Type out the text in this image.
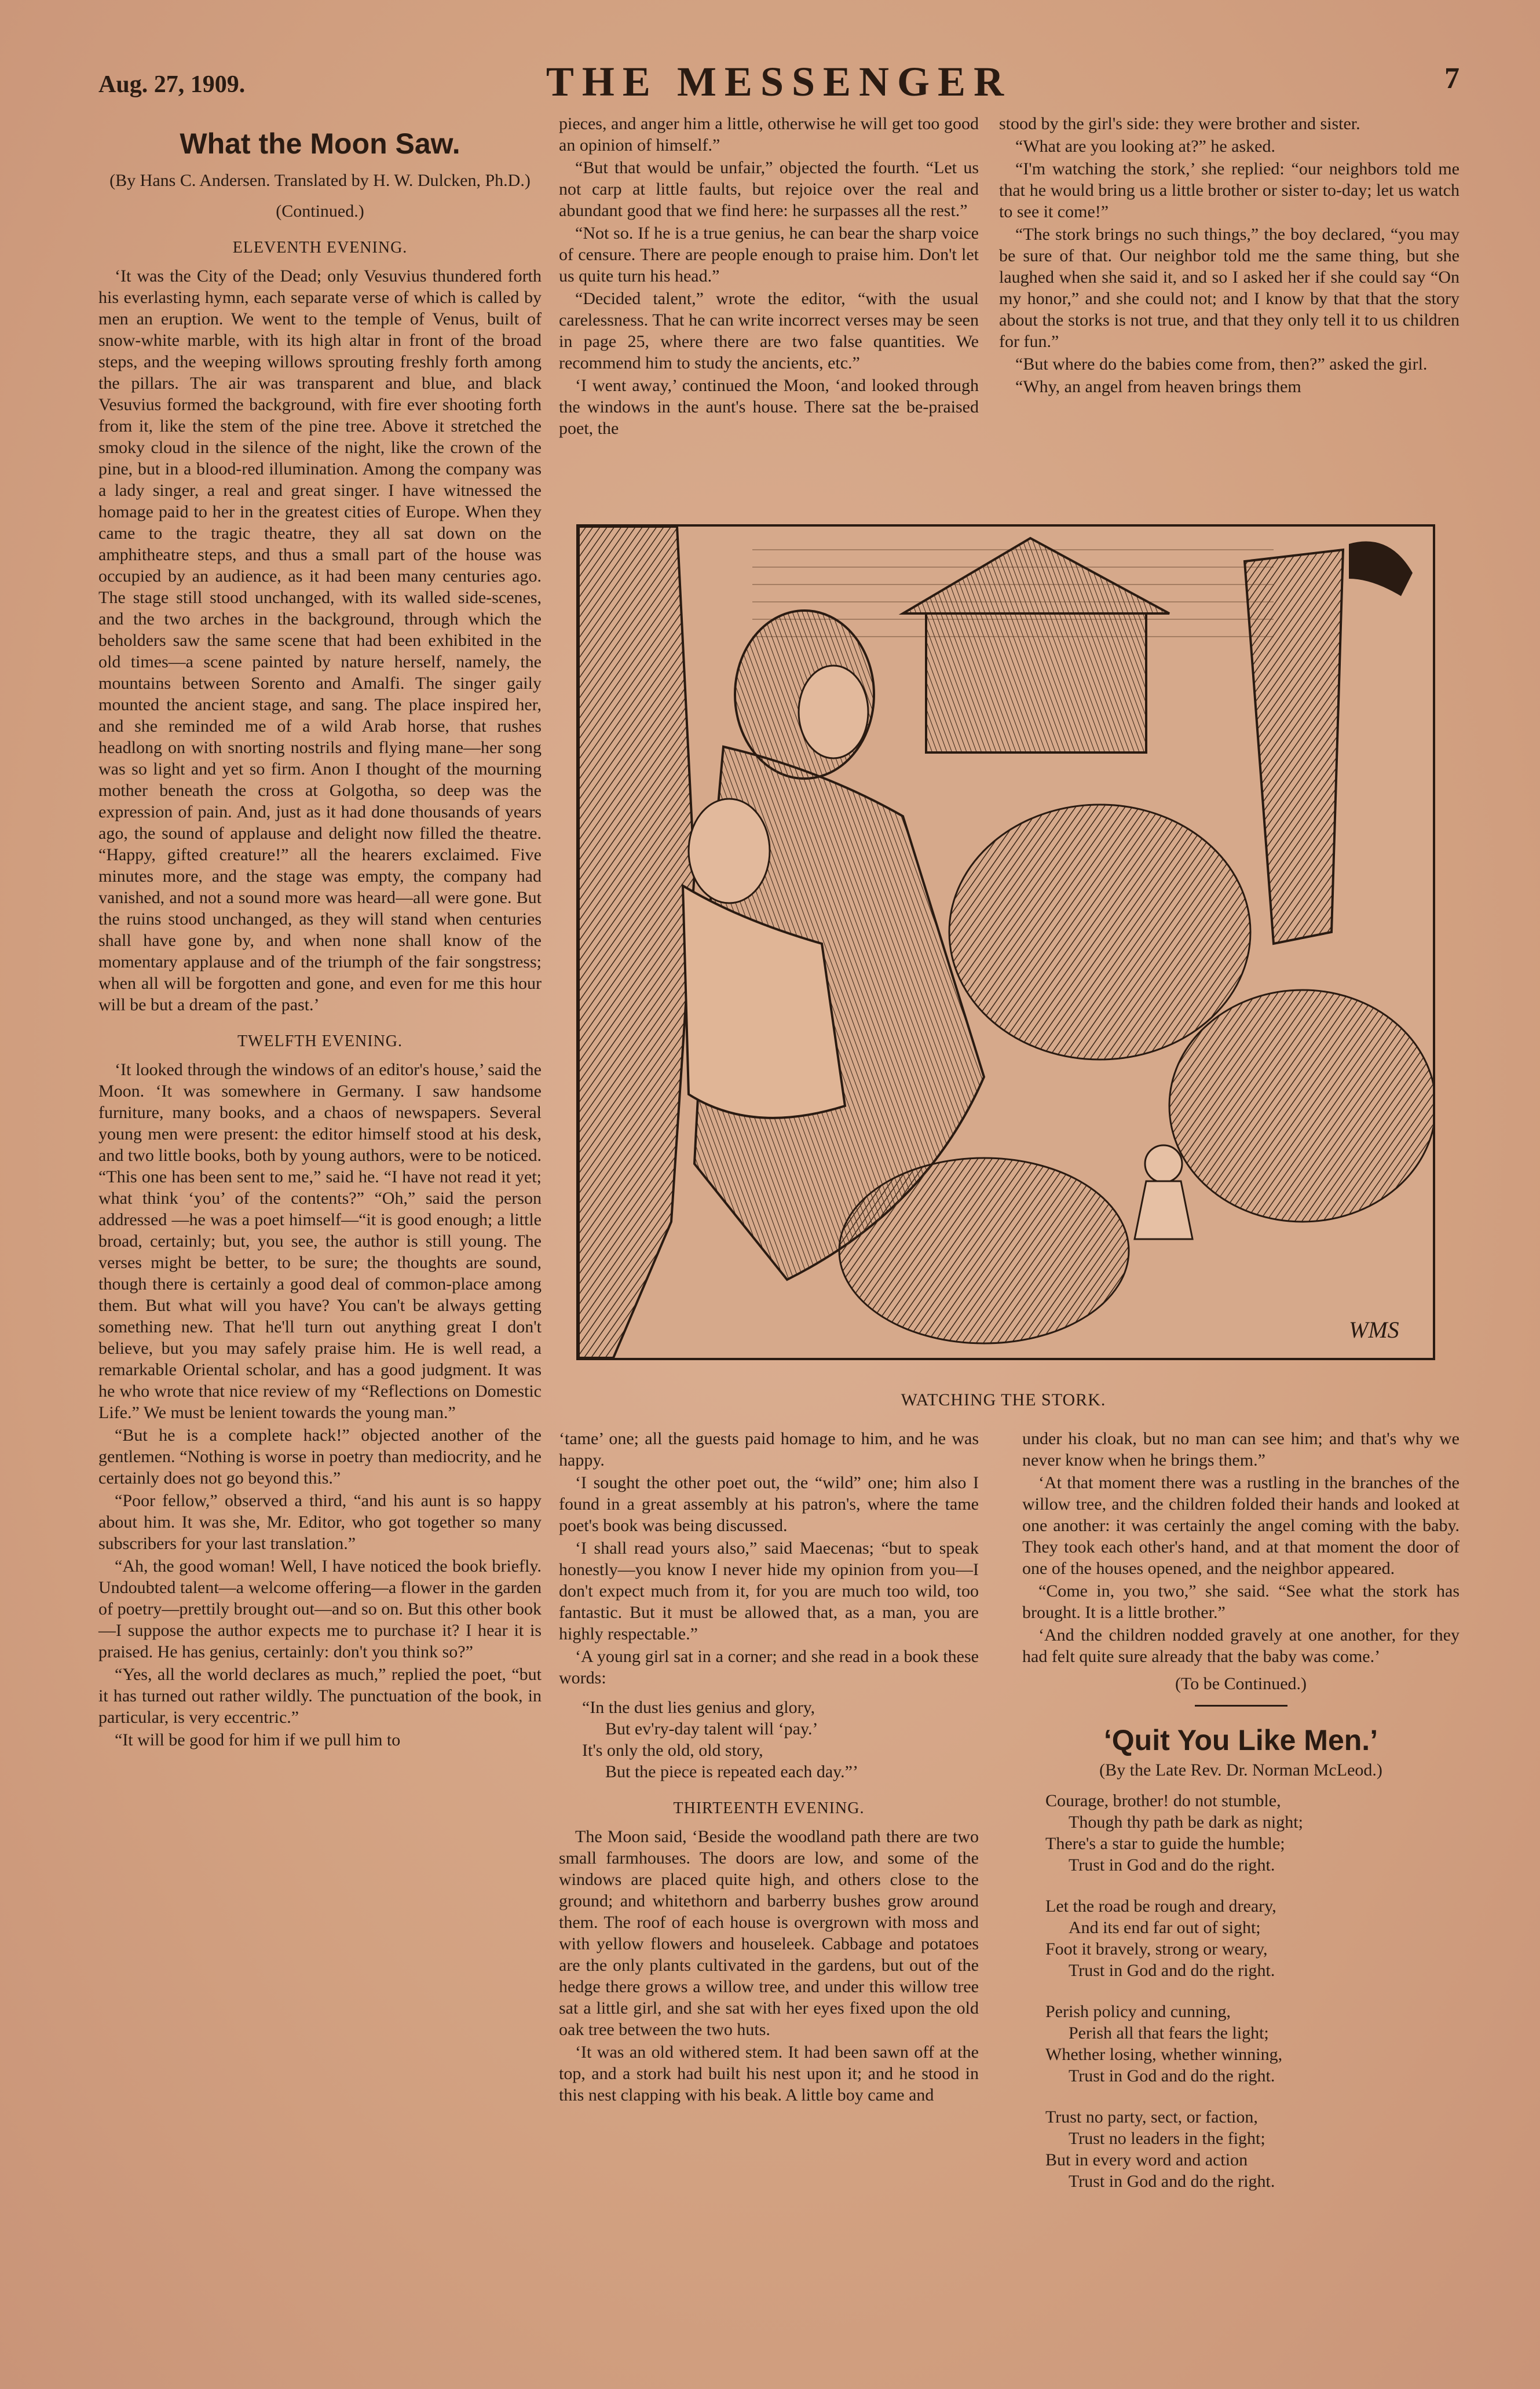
Aug. 27, 1909.	THE MESSENGER	7
What the Moon Saw.
(By Hans C. Andersen. Translated by H. W. Dulcken, Ph.D.)
(Continued.)
ELEVENTH EVENING.

‘It was the City of the Dead; only Vesuvius thundered forth his everlasting hymn, each separate verse of which is called by men an eruption. We went to the temple of Venus, built of snow-white marble, with its high altar in front of the broad steps, and the weeping willows sprouting freshly forth among the pillars. The air was transparent and blue, and black Vesuvius formed the background, with fire ever shooting forth from it, like the stem of the pine tree. Above it stretched the smoky cloud in the silence of the night, like the crown of the pine, but in a blood-red illumination. Among the company was a lady singer, a real and great singer. I have witnessed the homage paid to her in the greatest cities of Europe. When they came to the tragic theatre, they all sat down on the amphitheatre steps, and thus a small part of the house was occupied by an audience, as it had been many centuries ago. The stage still stood unchanged, with its walled side-scenes, and the two arches in the background, through which the beholders saw the same scene that had been exhibited in the old times—a scene painted by nature herself, namely, the mountains between Sorento and Amalfi. The singer gaily mounted the ancient stage, and sang. The place inspired her, and she reminded me of a wild Arab horse, that rushes headlong on with snorting nostrils and flying mane—her song was so light and yet so firm. Anon I thought of the mourning mother beneath the cross at Golgotha, so deep was the expression of pain. And, just as it had done thousands of years ago, the sound of applause and delight now filled the theatre. “Happy, gifted creature!” all the hearers exclaimed. Five minutes more, and the stage was empty, the company had vanished, and not a sound more was heard—all were gone. But the ruins stood unchanged, as they will stand when centuries shall have gone by, and when none shall know of the momentary applause and of the triumph of the fair songstress; when all will be forgotten and gone, and even for me this hour will be but a dream of the past.’

TWELFTH EVENING.

‘It looked through the windows of an editor's house,’ said the Moon. ‘It was somewhere in Germany. I saw handsome furniture, many books, and a chaos of newspapers. Several young men were present: the editor himself stood at his desk, and two little books, both by young authors, were to be noticed. “This one has been sent to me,” said he. “I have not read it yet; what think ‘you’ of the contents?” “Oh,” said the person addressed —he was a poet himself—“it is good enough; a little broad, certainly; but, you see, the author is still young. The verses might be better, to be sure; the thoughts are sound, though there is certainly a good deal of common-place among them. But what will you have? You can't be always getting something new. That he'll turn out anything great I don't believe, but you may safely praise him. He is well read, a remarkable Oriental scholar, and has a good judgment. It was he who wrote that nice review of my “Reflections on Domestic Life.” We must be lenient towards the young man.”

“But he is a complete hack!” objected another of the gentlemen. “Nothing is worse in poetry than mediocrity, and he certainly does not go beyond this.”

“Poor fellow,” observed a third, “and his aunt is so happy about him. It was she, Mr. Editor, who got together so many subscribers for your last translation.”

“Ah, the good woman! Well, I have noticed the book briefly. Undoubted talent—a welcome offering—a flower in the garden of poetry—prettily brought out—and so on. But this other book—I suppose the author expects me to purchase it? I hear it is praised. He has genius, certainly: don't you think so?”

“Yes, all the world declares as much,” replied the poet, “but it has turned out rather wildly. The punctuation of the book, in particular, is very eccentric.”

“It will be good for him if we pull him to

pieces, and anger him a little, otherwise he will get too good an opinion of himself.”

“But that would be unfair,” objected the fourth. “Let us not carp at little faults, but rejoice over the real and abundant good that we find here: he surpasses all the rest.”

“Not so. If he is a true genius, he can bear the sharp voice of censure. There are people enough to praise him. Don't let us quite turn his head.”

“Decided talent,” wrote the editor, “with the usual carelessness. That he can write incorrect verses may be seen in page 25, where there are two false quantities. We recommend him to study the ancients, etc.”

‘I went away,’ continued the Moon, ‘and looked through the windows in the aunt's house. There sat the be-praised poet, the

stood by the girl's side: they were brother and sister.

“What are you looking at?” he asked.

“I'm watching the stork,’ she replied: “our neighbors told me that he would bring us a little brother or sister to-day; let us watch to see it come!”

“The stork brings no such things,” the boy declared, “you may be sure of that. Our neighbor told me the same thing, but she laughed when she said it, and so I asked her if she could say “On my honor,” and she could not; and I know by that that the story about the storks is not true, and that they only tell it to us children for fun.”

“But where do the babies come from, then?” asked the girl.

“Why, an angel from heaven brings them

WMS
WATCHING THE STORK.

‘tame’ one; all the guests paid homage to him, and he was happy.

‘I sought the other poet out, the “wild” one; him also I found in a great assembly at his patron's, where the tame poet's book was being discussed.

‘I shall read yours also,” said Maecenas; “but to speak honestly—you know I never hide my opinion from you—I don't expect much from it, for you are much too wild, too fantastic. But it must be allowed that, as a man, you are highly respectable.”

‘A young girl sat in a corner; and she read in a book these words:

“In the dust lies genius and glory,
But ev'ry-day talent will ‘pay.’
It's only the old, old story,
But the piece is repeated each day.”’
THIRTEENTH EVENING.

The Moon said, ‘Beside the woodland path there are two small farmhouses. The doors are low, and some of the windows are placed quite high, and others close to the ground; and whitethorn and barberry bushes grow around them. The roof of each house is overgrown with moss and with yellow flowers and houseleek. Cabbage and potatoes are the only plants cultivated in the gardens, but out of the hedge there grows a willow tree, and under this willow tree sat a little girl, and she sat with her eyes fixed upon the old oak tree between the two huts.

‘It was an old withered stem. It had been sawn off at the top, and a stork had built his nest upon it; and he stood in this nest clapping with his beak. A little boy came and

under his cloak, but no man can see him; and that's why we never know when he brings them.”

‘At that moment there was a rustling in the branches of the willow tree, and the children folded their hands and looked at one another: it was certainly the angel coming with the baby. They took each other's hand, and at that moment the door of one of the houses opened, and the neighbor appeared.

“Come in, you two,” she said. “See what the stork has brought. It is a little brother.”

‘And the children nodded gravely at one another, for they had felt quite sure already that the baby was come.’

(To be Continued.)
‘Quit You Like Men.’
(By the Late Rev. Dr. Norman McLeod.)
Courage, brother! do not stumble,
Though thy path be dark as night;
There's a star to guide the humble;
Trust in God and do the right.
Let the road be rough and dreary,
And its end far out of sight;
Foot it bravely, strong or weary,
Trust in God and do the right.
Perish policy and cunning,
Perish all that fears the light;
Whether losing, whether winning,
Trust in God and do the right.
Trust no party, sect, or faction,
Trust no leaders in the fight;
But in every word and action
Trust in God and do the right.
